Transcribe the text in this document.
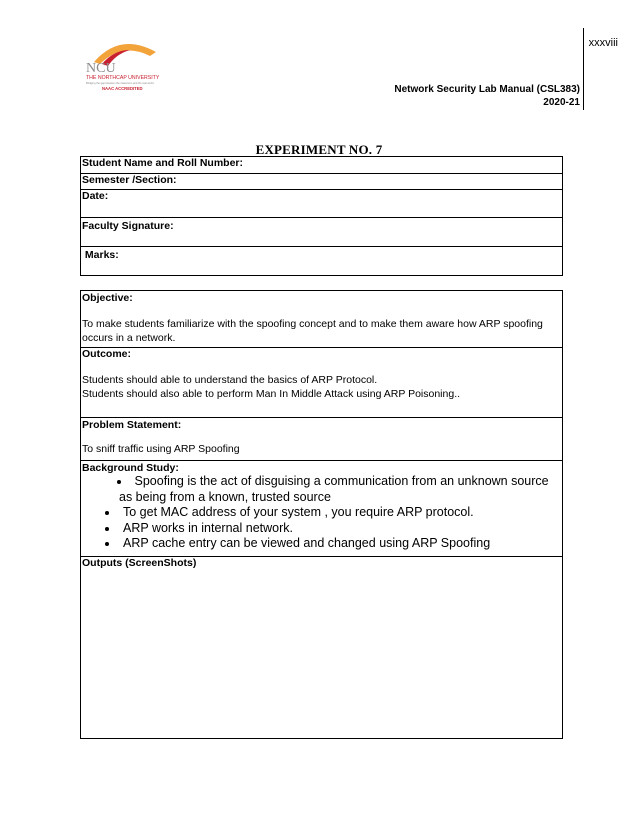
xxxviii
NCU
THE NORTHCAP UNIVERSITY
Bridging the gap between the classroom and the real world
NAAC ACCREDITED	Network Security Lab Manual (CSL383)
2020-21
EXPERIMENT NO. 7
Student Name and Roll Number:
Semester /Section:
Date:
Faculty Signature:
Marks:
Objective:
To make students familiarize with the spoofing concept and to make them aware how ARP spoofing occurs in a network.

Outcome:
Students should able to understand the basics of ARP Protocol.
Students should also able to perform Man In Middle Attack using ARP Poisoning..

Problem Statement:
To sniff traffic using ARP Spoofing

Background Study:
• Spoofing is the act of disguising a communication from an unknown source as being from a known, trusted source
• To get MAC address of your system , you require ARP protocol.
• ARP works in internal network.
• ARP cache entry can be viewed and changed using ARP Spoofing

Outputs (ScreenShots)
